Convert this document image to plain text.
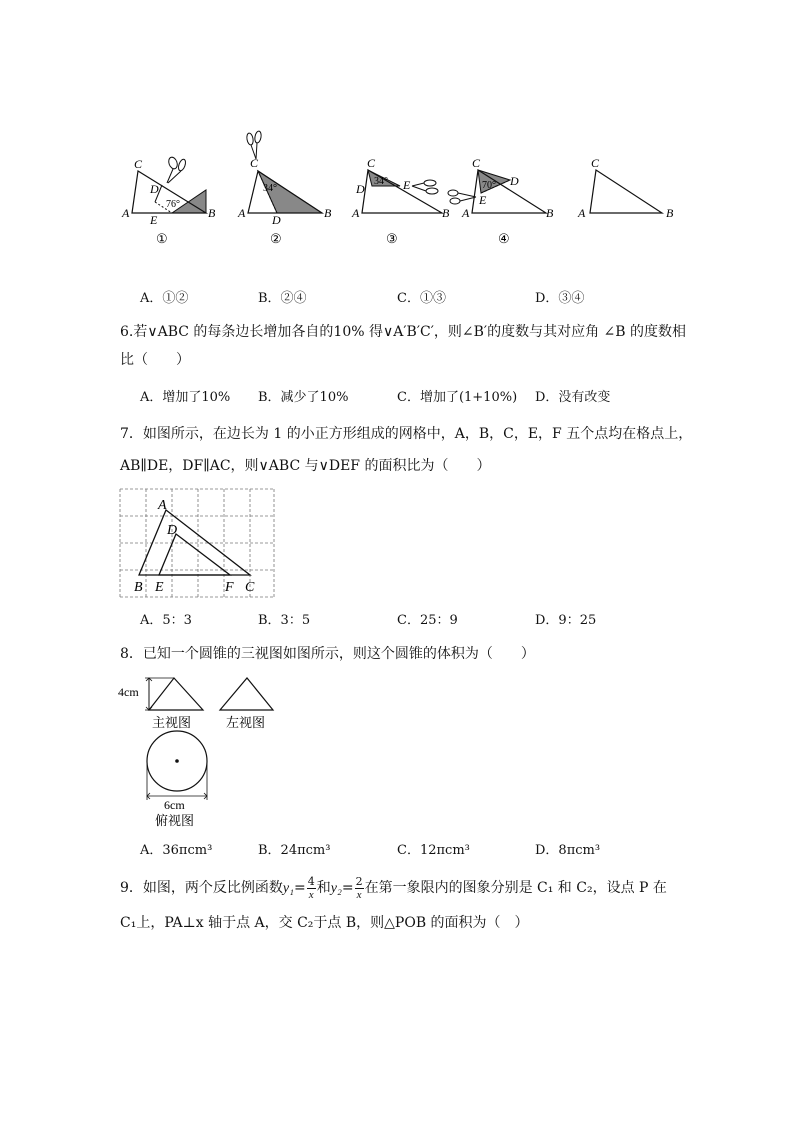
C
D
A E	B
76°
①
C
A D	B
34°
②
C
D	E
A	B
34°
③
C
D
E
A	B
70°
④
C
A	B
A．①②	B．②④	C．①③	D．③④
6.若∨ABC 的每条边长增加各自的10% 得∨A′B′C′，则∠B′的度数与其对应角 ∠B 的度数相
比（　　）
A．增加了10% B．减少了10%	C．增加了(1+10%) D．没有改变
7．如图所示，在边长为 1 的小正方形组成的网格中，A，B，C，E，F 五个点均在格点上，
AB∥DE，DF∥AC，则∨ABC 与∨DEF 的面积比为（　　）
A
D
B E	F C
A．5：3	B．3：5	C．25：9	D．9：25
8．已知一个圆锥的三视图如图所示，则这个圆锥的体积为（　　）
4cm
主视图	左视图
6cm
俯视图
A．36πcm³	B．24πcm³	C．12πcm³	D．8πcm³
9．如图，两个反比例函数$y_1= \frac{4}{x}$ 和$y_2= \frac{2}{x}$ 在第一象限内的图象分别是 C₁ 和 C₂，设点 P 在
C₁上，PA⊥x 轴于点 A，交 C₂于点 B，则△POB 的面积为（　）
